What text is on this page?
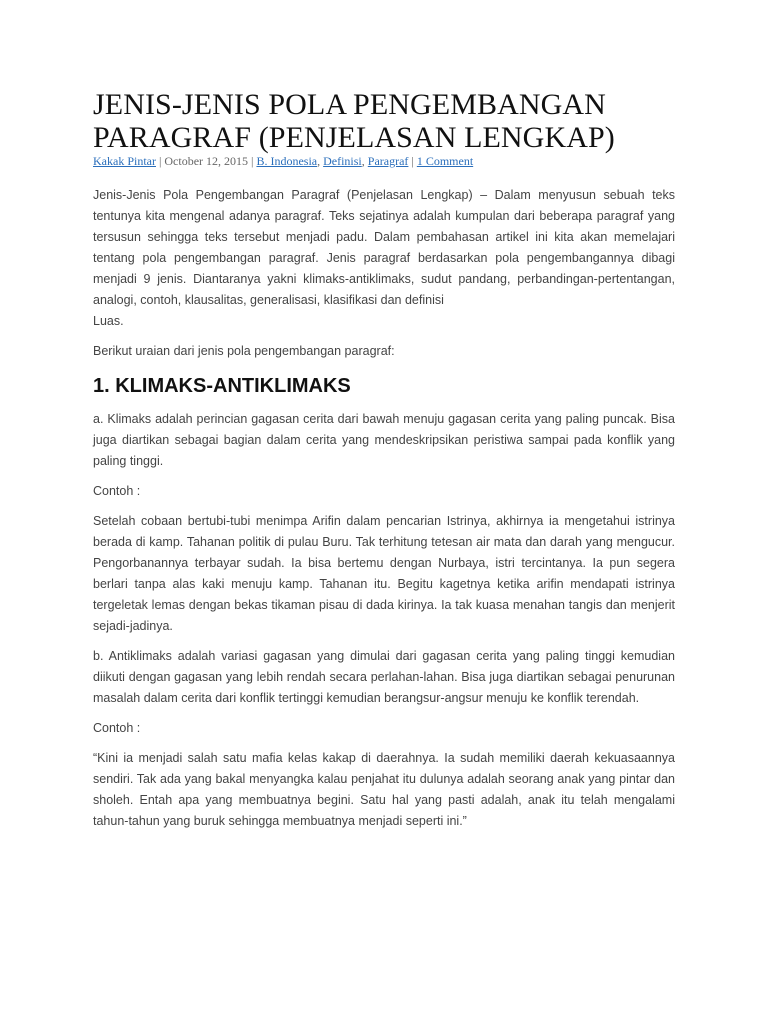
JENIS-JENIS POLA PENGEMBANGAN PARAGRAF (PENJELASAN LENGKAP)
Kakak Pintar | October 12, 2015 | B. Indonesia, Definisi, Paragraf | 1 Comment

Jenis-Jenis Pola Pengembangan Paragraf (Penjelasan Lengkap) – Dalam menyusun sebuah teks tentunya kita mengenal adanya paragraf. Teks sejatinya adalah kumpulan dari beberapa paragraf yang tersusun sehingga teks tersebut menjadi padu. Dalam pembahasan artikel ini kita akan memelajari tentang pola pengembangan paragraf. Jenis paragraf berdasarkan pola pengembangannya dibagi menjadi 9 jenis. Diantaranya yakni klimaks-antiklimaks, sudut pandang, perbandingan-pertentangan, analogi, contoh, klausalitas, generalisasi, klasifikasi dan definisi

Luas.

Berikut uraian dari jenis pola pengembangan paragraf:

1. KLIMAKS-ANTIKLIMAKS

a. Klimaks adalah perincian gagasan cerita dari bawah menuju gagasan cerita yang paling puncak. Bisa juga diartikan sebagai bagian dalam cerita yang mendeskripsikan peristiwa sampai pada konflik yang paling tinggi.

Contoh :

Setelah cobaan bertubi-tubi menimpa Arifin dalam pencarian Istrinya, akhirnya ia mengetahui istrinya berada di kamp. Tahanan politik di pulau Buru. Tak terhitung tetesan air mata dan darah yang mengucur. Pengorbanannya terbayar sudah. Ia bisa bertemu dengan Nurbaya, istri tercintanya. Ia pun segera berlari tanpa alas kaki menuju kamp. Tahanan itu. Begitu kagetnya ketika arifin mendapati istrinya tergeletak lemas dengan bekas tikaman pisau di dada kirinya. Ia tak kuasa menahan tangis dan menjerit sejadi-jadinya.

b. Antiklimaks adalah variasi gagasan yang dimulai dari gagasan cerita yang paling tinggi kemudian diikuti dengan gagasan yang lebih rendah secara perlahan-lahan. Bisa juga diartikan sebagai penurunan masalah dalam cerita dari konflik tertinggi kemudian berangsur-angsur menuju ke konflik terendah.

Contoh :

“Kini ia menjadi salah satu mafia kelas kakap di daerahnya. Ia sudah memiliki daerah kekuasaannya sendiri. Tak ada yang bakal menyangka kalau penjahat itu dulunya adalah seorang anak yang pintar dan sholeh. Entah apa yang membuatnya begini. Satu hal yang pasti adalah, anak itu telah mengalami tahun-tahun yang buruk sehingga membuatnya menjadi seperti ini.”
